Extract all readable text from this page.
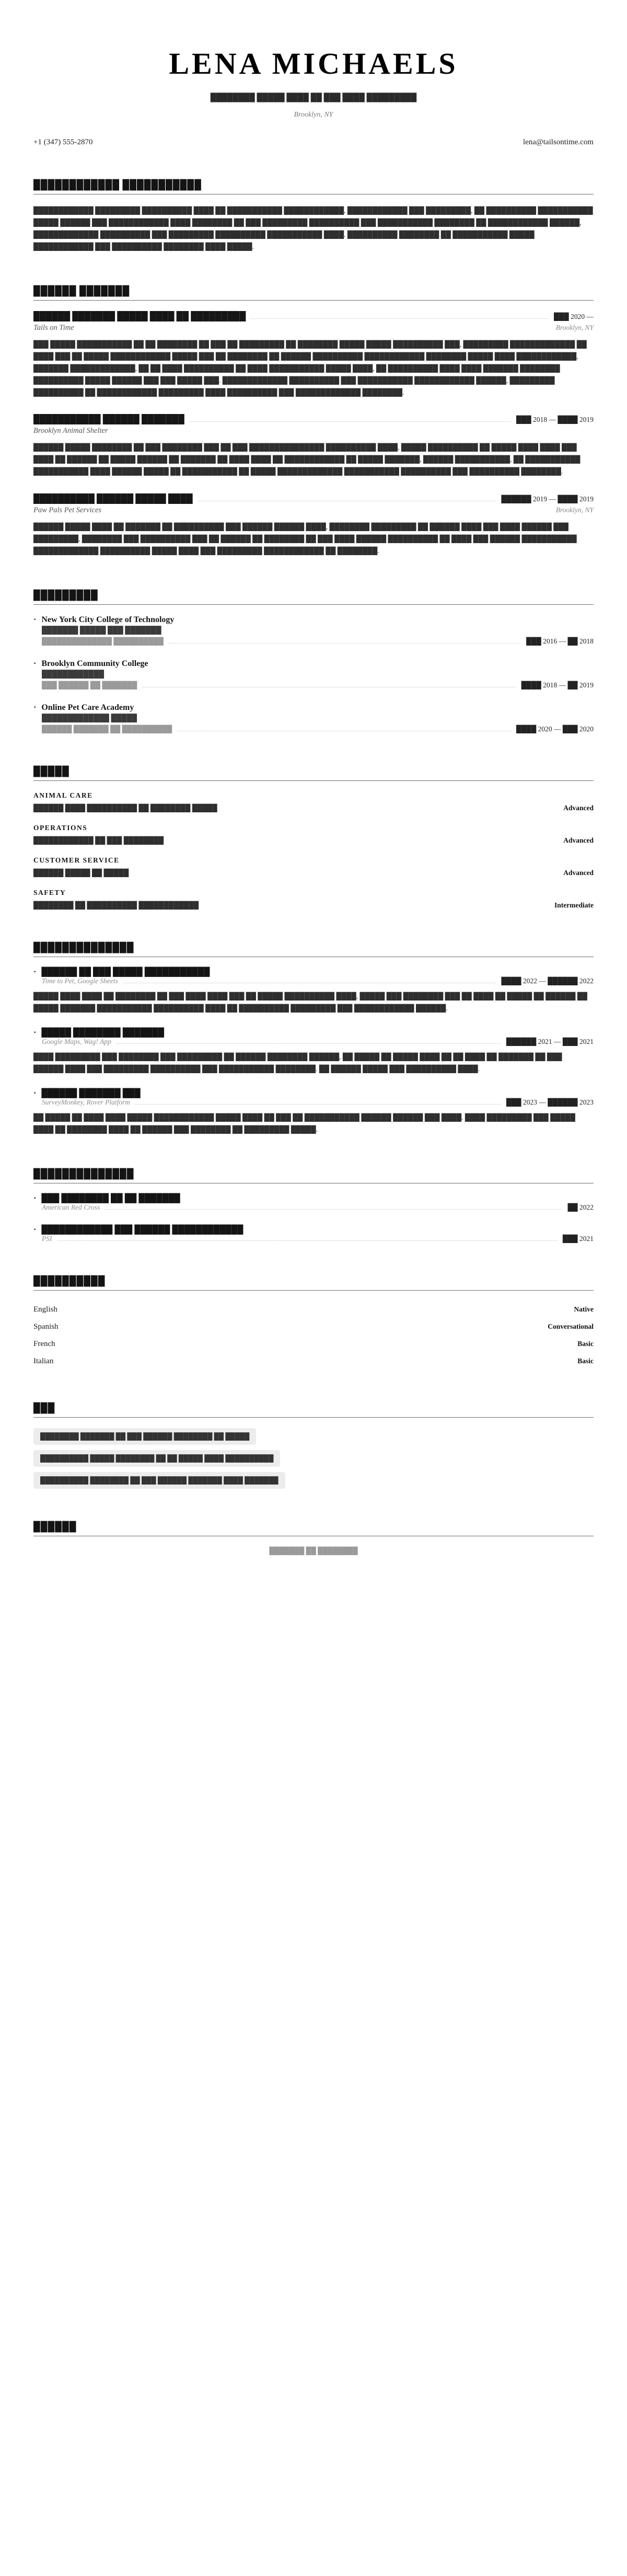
LENA MICHAELS
████████ █████ ████ ██ ███ ████ █████████
Brooklyn, NY
+1 (347) 555-2870	lena@tailsontime.com
████████████ ███████████

████████████ █████████ ██████████ ████ ██ ███████████ ████████████, ████████████ ███ █████████, ██ ██████████ ███████████ █████ ██████ ███ ████████████ ████ ████████ ██ ███ █████████ ██████████ ███ ███████████ ████████ ██ ████████████ ██████, █████████████ ██████████ ███ █████████ ██████████ ███████████ ████. ██████████ ████████ ██ ███████████ █████ ████████████ ███ ██████████ ████████ ████ █████.

██████ ███████
██████ ███████ █████ ████ ██ █████████	███ 2020 —
Tails on Time	Brooklyn, NY

███ █████ ███████████ ██ ██ ████████ ██ ███ ██ █████████ ██ ████████ █████ █████ ██████████ ███, █████████ █████████████ ██ ████ ███ ██ █████ ████████████ █████ ███ ██ ████████ ██ ██████ ██████████ ████████████ ████████ █████ ████ ████████████, ███████ █████████████, ██ ██ ████ ██████████ ██ ████ ███████████ █████ ████, ██ ██████████ ████ ████ ███████ ████████ ██████████ █████ ██████ ███ ███ █████ ███. █████████████ ██████████ ███ ███████████ ████████████ ██████, █████████ ██████████ ██ ████████████ █████████ ████ ██████████ ███ █████████████ ████████.

███████████ ██████ ███████	███ 2018 — ████ 2019
Brooklyn Animal Shelter

██████ █████ ████████ ██ ███ ████████ ███ ██ ███ ███████████████ ██████████ ████, █████ ██████████ ██ █████ ████ ████ ███ ████ ██ ██████ ██ █████ ██████ ██ ███████ ██ ████ ████ ██ ████████████ ██ █████ ███████, ██████ ███████████, ██ ███████████ ███████████ ████ ██████ █████ ██ ███████████ ██ █████ █████████████ ███████████ ██████████ ███ ██████████ ████████.

██████████ ██████ █████ ████	██████ 2019 — ████ 2019
Paw Pals Pet Services	Brooklyn, NY

██████ █████ ████ ██ ███████ ██ ██████████ ███ ██████ ██████ ████, ████████ █████████ ██ ██████ ████ ███ ████ ██████ ███ █████████, ████████ ███ ██████████ ███ ██ ██████ ██ ████████ ██ ███ ████ ██████ ██████████ ██ ████ ███ ██████ ███████████ █████████████ ██████████ █████ ████ ███ █████████ ████████████ ██ ████████.

█████████
· New York City College of Technology
███████ █████ ███ ███████
██████████████ ██████████	███ 2016 — ██ 2018
· Brooklyn Community College
████████████
███ ██████ ██ ███████	████ 2018 — ██ 2019
· Online Pet Care Academy
█████████████ █████
██████ ███████ ██ ██████████	████ 2020 — ███ 2020
█████
ANIMAL CARE
██████ ████ ██████████ ██ ████████ █████	Advanced
OPERATIONS
████████████ ██ ███ ████████	Advanced
CUSTOMER SERVICE
██████ █████ ██ █████	Advanced
SAFETY
████████ ██ ██████████ ████████████	Intermediate
██████████████
· ██████ ██ ███ █████ ███████████
Time to Pet, Google Sheets	████ 2022 — ██████ 2022

█████ ████ ████ ██ ████████ ██ ███ ████ ████ ███ ██ █████ ██████████ ████, █████ ███ ████████ ███ ██ ████ ██ █████ ██ ██████ ██ █████ ███████ ███████████ ██████████ ████ ██ ██████████ █████████ ███ ████████████ ██████.

· █████ ████████ ███████
Google Maps, Wag! App	██████ 2021 — ███ 2021

████ █████████ ███ ████████ ███ █████████ ██ ██████ ████████ ██████, ██ █████ ██ █████ ████ ██ ██ ████ ██ ███████ ██ ███ ██████ ████ ███ █████████ ██████████ ███ ███████████ ████████. ██ ██████ █████ ███ ██████████ ████.

· ██████ ███████ ███
SurveyMonkey, Rover Platform	███ 2023 — ██████ 2023

██ █████ ██ ████ ████ █████ ████████████ █████ ████ ██ ███ ██ ███████████ ██████ ██████ ███ ████. ████ █████████ ███ █████ ████ ██ ████████ ████ ██ ██████ ███ ████████ ██ █████████ █████.

██████████████
· ███ ████████ ██ ██ ███████
American Red Cross	██ 2022
· ████████████ ███ ██████ ████████████
PSI	███ 2021
██████████
English	Native
Spanish	Conversational
French	Basic
Italian	Basic
███
████████ ███████ ██ ███ ██████ ████████ ██ █████
██████████ █████ ████████ ██ ██ █████ ████ ██████████
██████████ ████████ ██ ███ ██████ ███████ ████ ███████
██████
███████ ██ ████████
